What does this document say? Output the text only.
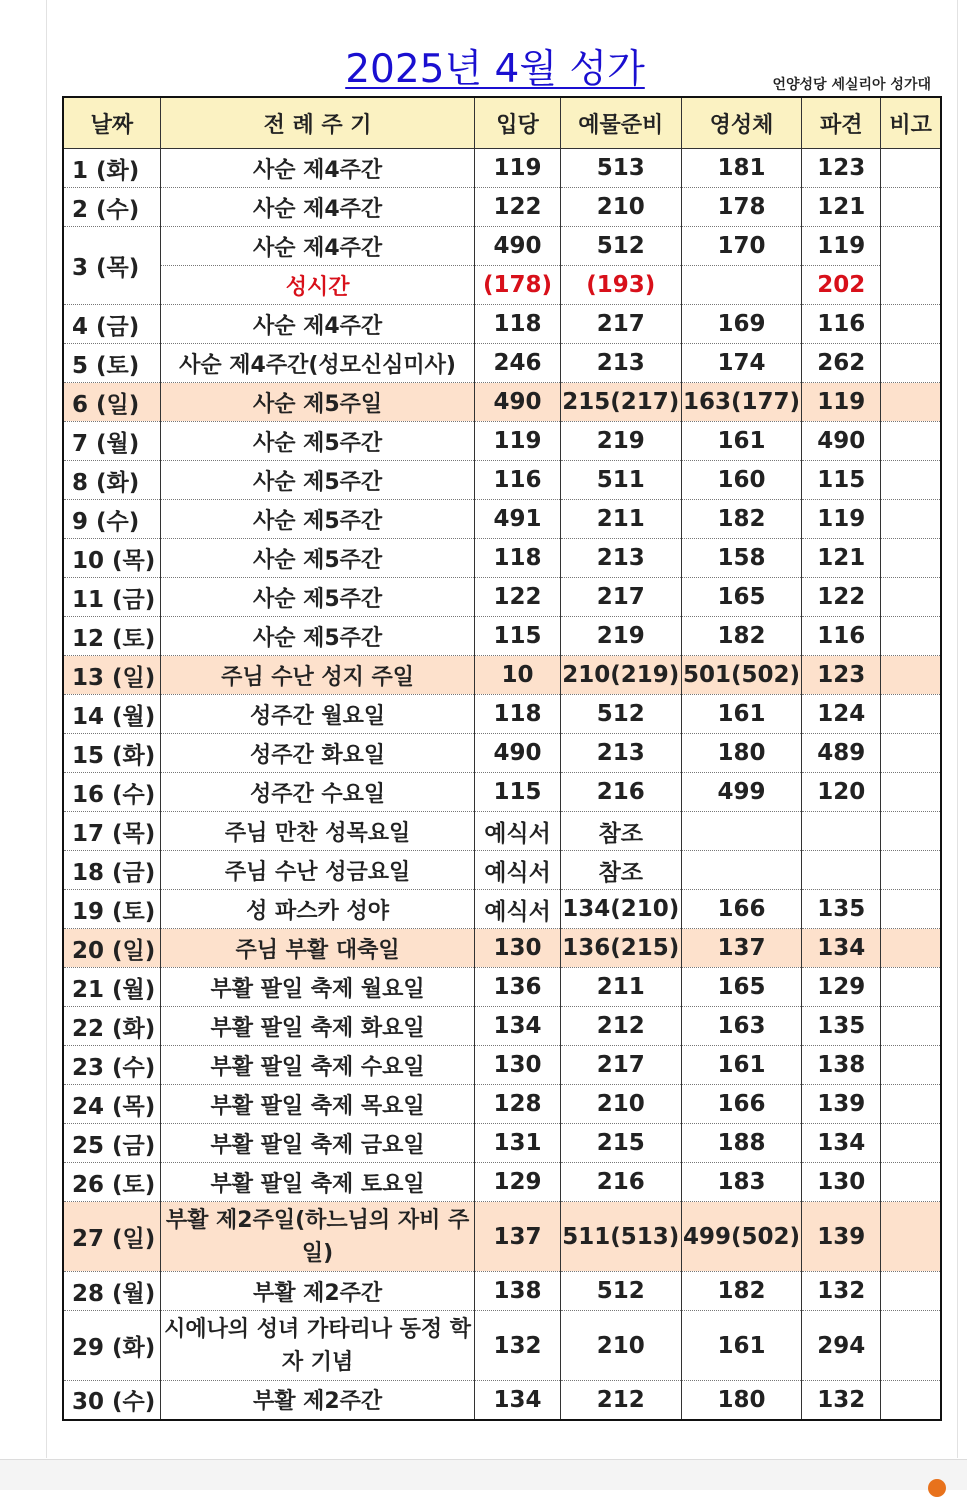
2025년 4월 성가	언양성당 세실리아 성가대
날짜	전 례 주 기	입당	예물준비	영성체	파견	비고
1 (화)	사순 제4주간	119	513	181	123	
2 (수)	사순 제4주간	122	210	178	121	
3 (목)	사순 제4주간	490	512	170	119	
	성시간	(178)	(193)		202	
4 (금)	사순 제4주간	118	217	169	116	
5 (토)	사순 제4주간(성모신심미사)	246	213	174	262	
6 (일)	사순 제5주일	490	215(217)	163(177)	119	
7 (월)	사순 제5주간	119	219	161	490	
8 (화)	사순 제5주간	116	511	160	115	
9 (수)	사순 제5주간	491	211	182	119	
10 (목)	사순 제5주간	118	213	158	121	
11 (금)	사순 제5주간	122	217	165	122	
12 (토)	사순 제5주간	115	219	182	116	
13 (일)	주님 수난 성지 주일	10	210(219)	501(502)	123	
14 (월)	성주간 월요일	118	512	161	124	
15 (화)	성주간 화요일	490	213	180	489	
16 (수)	성주간 수요일	115	216	499	120	
17 (목)	주님 만찬 성목요일	예식서	참조			
18 (금)	주님 수난 성금요일	예식서	참조			
19 (토)	성 파스카 성야	예식서	134(210)	166	135	
20 (일)	주님 부활 대축일	130	136(215)	137	134	
21 (월)	부활 팔일 축제 월요일	136	211	165	129	
22 (화)	부활 팔일 축제 화요일	134	212	163	135	
23 (수)	부활 팔일 축제 수요일	130	217	161	138	
24 (목)	부활 팔일 축제 목요일	128	210	166	139	
25 (금)	부활 팔일 축제 금요일	131	215	188	134	
26 (토)	부활 팔일 축제 토요일	129	216	183	130	
27 (일)	부활 제2주일(하느님의 자비 주일)	137	511(513)	499(502)	139	
28 (월)	부활 제2주간	138	512	182	132	
29 (화)	시에나의 성녀 가타리나 동정 학자 기념	132	210	161	294	
30 (수)	부활 제2주간	134	212	180	132	
